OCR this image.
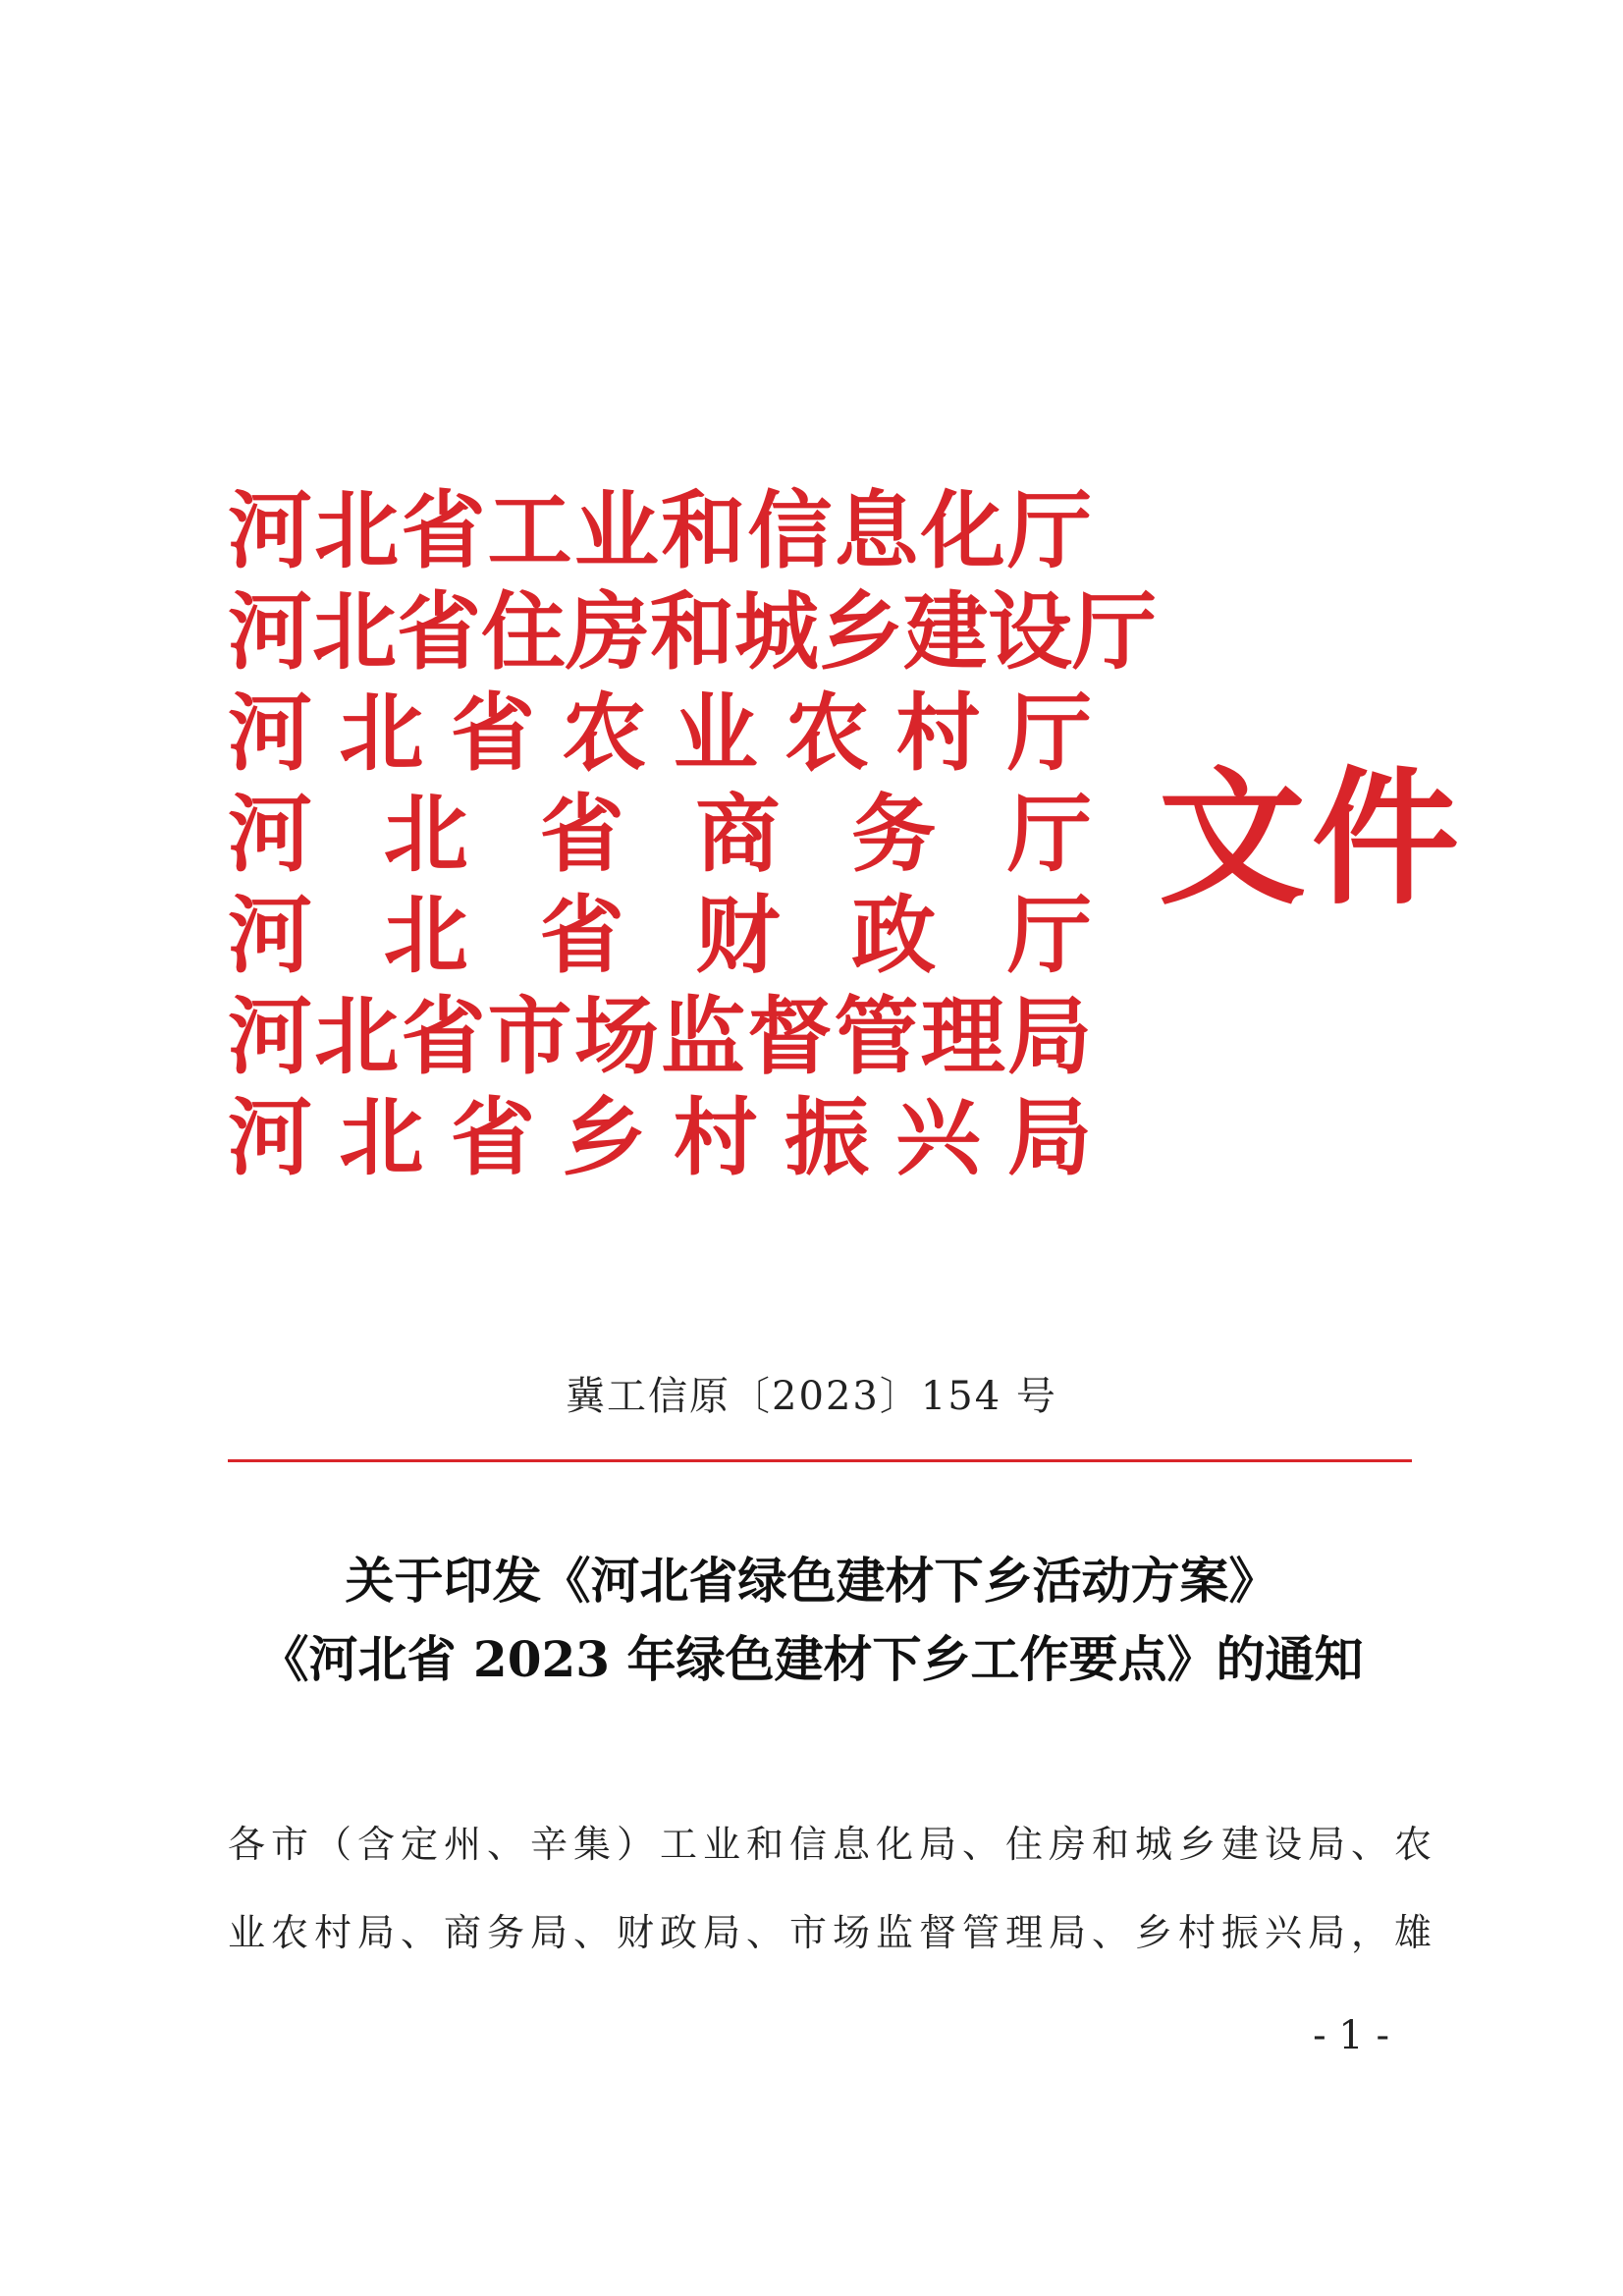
河 北 省 工 业 和 信 息 化 厅
河 北 省 住 房 和 城 乡 建 设 厅
河 北 省 农 业 农 村 厅
河 北 省 商 务 厅
河 北 省 财 政 厅
河 北 省 市 场 监 督 管 理 局
河 北 省 乡 村 振 兴 局
文件
冀工信原〔2023〕154 号
关于印发《河北省绿色建材下乡活动方案》
《河北省 2023 年绿色建材下乡工作要点》的通知
各市（含定州、辛集）工业和信息化局、住房和城乡建设局、农
业农村局、商务局、财政局、市场监督管理局、乡村振兴局，雄
- 1 -
